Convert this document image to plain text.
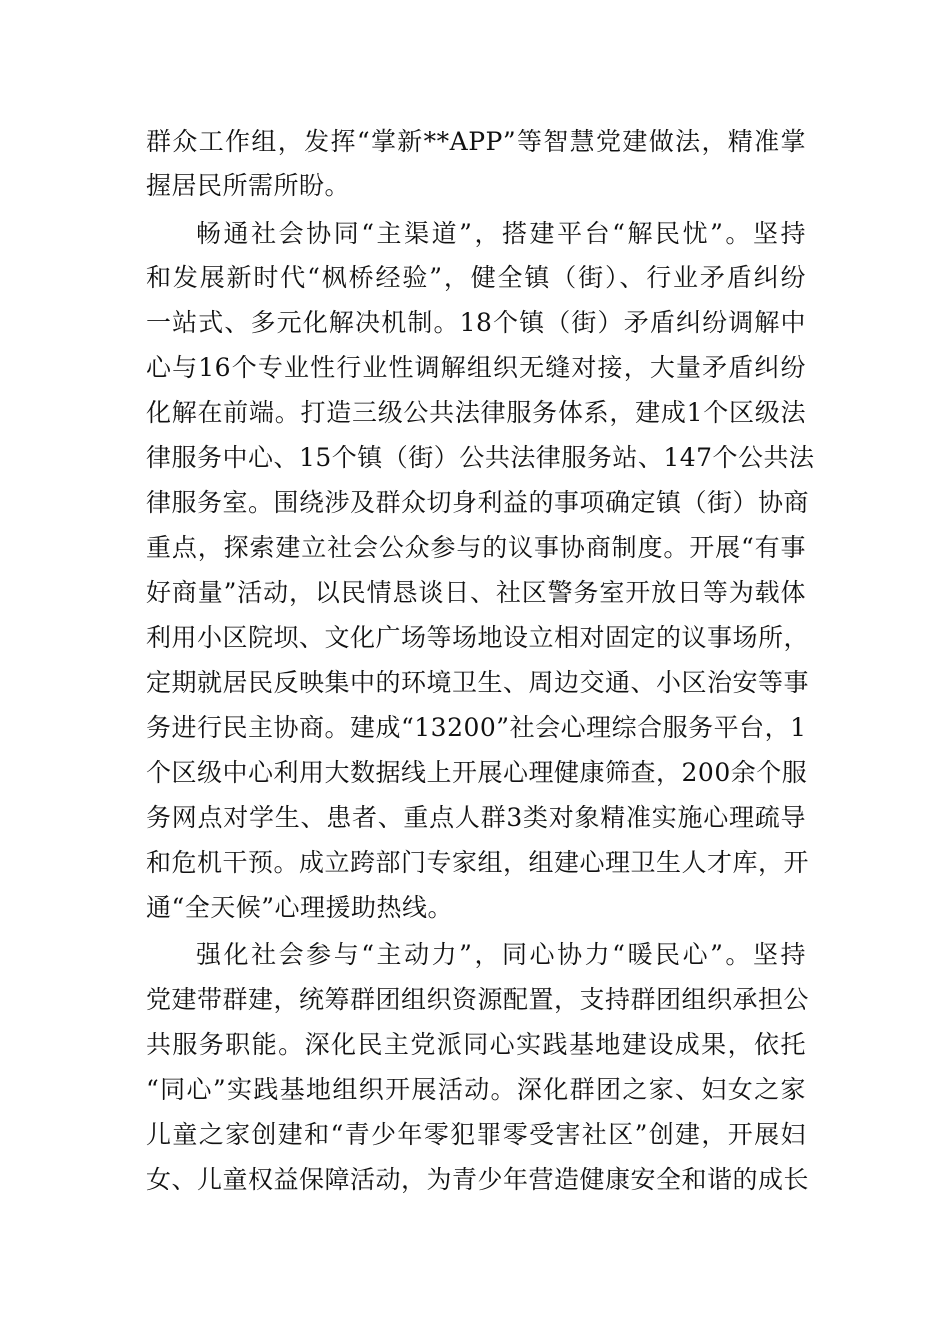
群众工作组，发挥“掌新**APP”等智慧党建做法，精准掌
握居民所需所盼。
畅通社会协同“主渠道”，搭建平台“解民忧”。坚持
和发展新时代“枫桥经验”，健全镇（街）、行业矛盾纠纷
一站式、多元化解决机制。18个镇（街）矛盾纠纷调解中
心与16个专业性行业性调解组织无缝对接，大量矛盾纠纷
化解在前端。打造三级公共法律服务体系，建成1个区级法
律服务中心、15个镇（街）公共法律服务站、147个公共法
律服务室。围绕涉及群众切身利益的事项确定镇（街）协商
重点，探索建立社会公众参与的议事协商制度。开展“有事
好商量”活动，以民情恳谈日、社区警务室开放日等为载体
利用小区院坝、文化广场等场地设立相对固定的议事场所，
定期就居民反映集中的环境卫生、周边交通、小区治安等事
务进行民主协商。建成“13200”社会心理综合服务平台，1
个区级中心利用大数据线上开展心理健康筛查，200余个服
务网点对学生、患者、重点人群3类对象精准实施心理疏导
和危机干预。成立跨部门专家组，组建心理卫生人才库，开
通“全天候”心理援助热线。
强化社会参与“主动力”，同心协力“暖民心”。坚持
党建带群建，统筹群团组织资源配置，支持群团组织承担公
共服务职能。深化民主党派同心实践基地建设成果，依托
“同心”实践基地组织开展活动。深化群团之家、妇女之家
儿童之家创建和“青少年零犯罪零受害社区”创建，开展妇
女、儿童权益保障活动，为青少年营造健康安全和谐的成长
